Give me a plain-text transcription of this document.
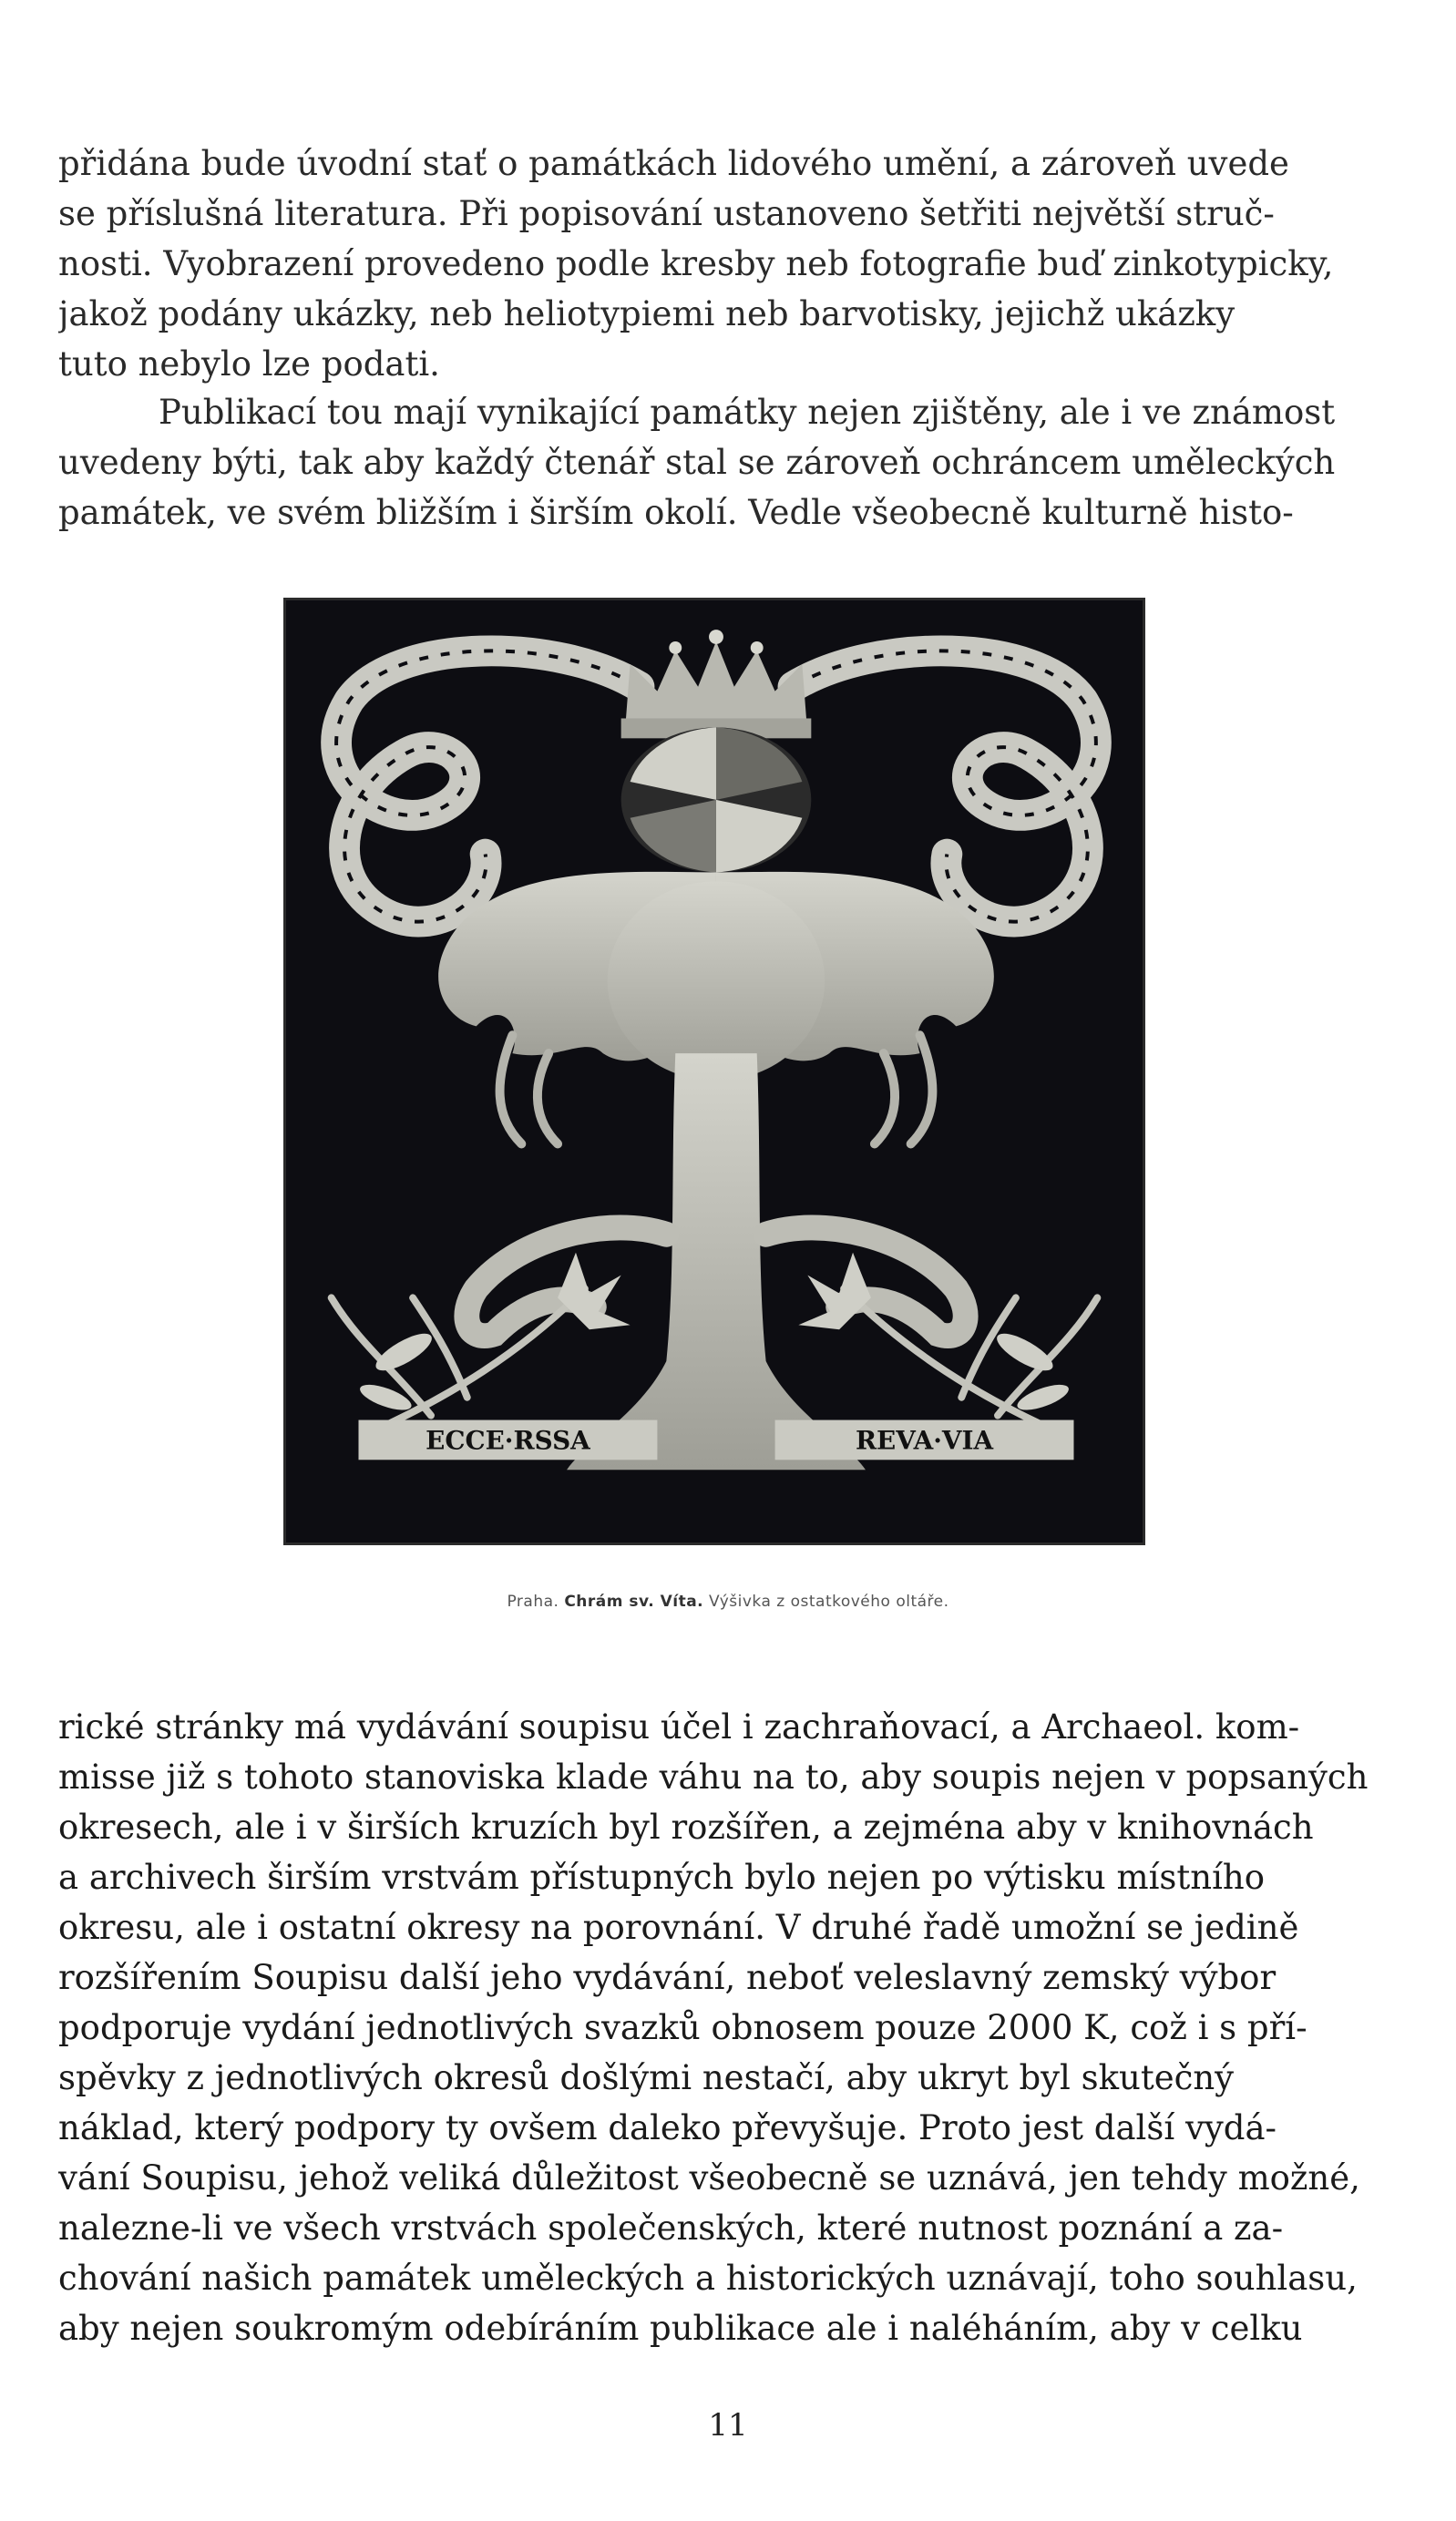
přidána bude úvodní stať o památkách lidového umění, a zároveň uvede
se příslušná literatura. Při popisování ustanoveno šetřiti největší struč-
nosti. Vyobrazení provedeno podle kresby neb fotografie buď zinkotypicky,
jakož podány ukázky, neb heliotypiemi neb barvotisky, jejichž ukázky
tuto nebylo lze podati.
Publikací tou mají vynikající památky nejen zjištěny, ale i ve známost
uvedeny býti, tak aby každý čtenář stal se zároveň ochráncem uměleckých
památek, ve svém bližším i širším okolí. Vedle všeobecně kulturně histo-
ECCE·RSSA	REVA·VIA
Praha. Chrám sv. Víta. Výšivka z ostatkového oltáře.
rické stránky má vydávání soupisu účel i zachraňovací, a Archaeol. kom-
misse již s tohoto stanoviska klade váhu na to, aby soupis nejen v popsaných
okresech, ale i v širších kruzích byl rozšířen, a zejména aby v knihovnách
a archivech širším vrstvám přístupných bylo nejen po výtisku místního
okresu, ale i ostatní okresy na porovnání. V druhé řadě umožní se jedině
rozšířením Soupisu další jeho vydávání, neboť veleslavný zemský výbor
podporuje vydání jednotlivých svazků obnosem pouze 2000 K, což i s pří-
spěvky z jednotlivých okresů došlými nestačí, aby ukryt byl skutečný
náklad, který podpory ty ovšem daleko převyšuje. Proto jest další vydá-
vání Soupisu, jehož veliká důležitost všeobecně se uznává, jen tehdy možné,
nalezne-li ve všech vrstvách společenských, které nutnost poznání a za-
chování našich památek uměleckých a historických uznávají, toho souhlasu,
aby nejen soukromým odebíráním publikace ale i naléháním, aby v celku
11
